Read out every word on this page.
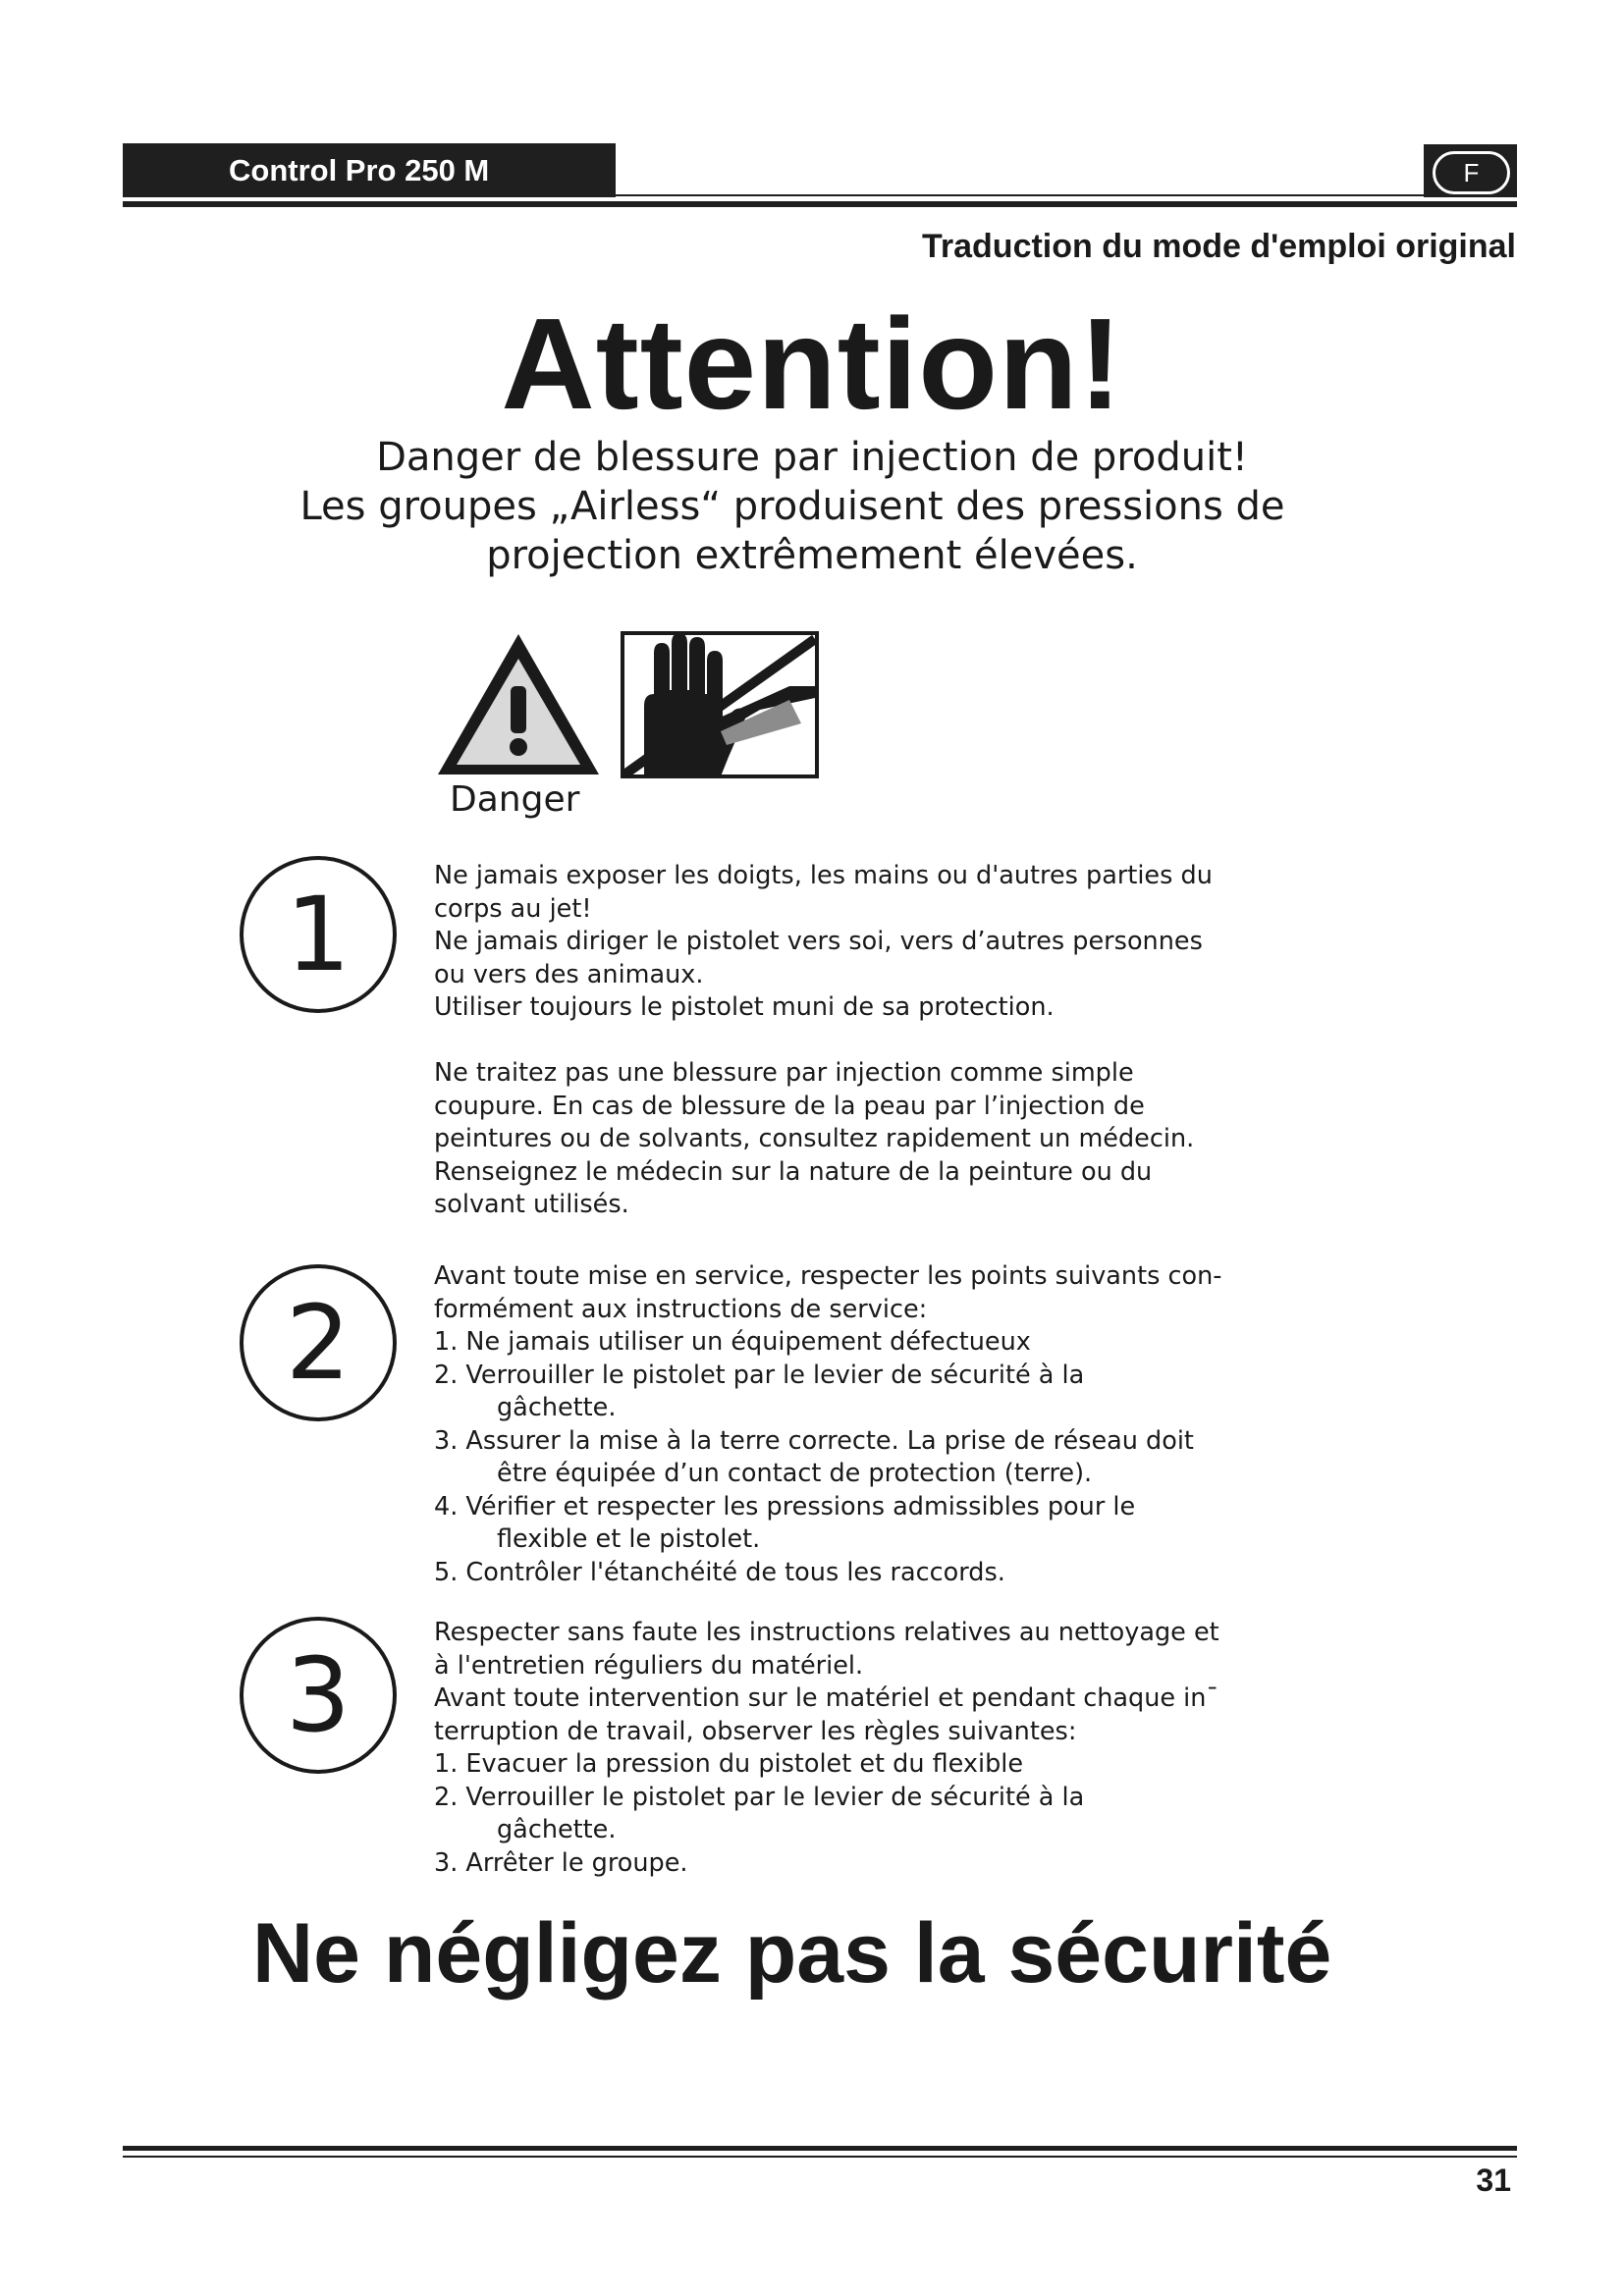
Control Pro 250 M	F
Traduction du mode d'emploi original
Attention!
Danger de blessure par injection de produit!
Les groupes „Airless“ produisent des pressions de
projection extrêmement élevées.
Danger
1	Ne jamais exposer les doigts, les mains ou d'autres parties du

corps au jet!

Ne jamais diriger le pistolet vers soi, vers d’autres personnes

ou vers des animaux.

Utiliser toujours le pistolet muni de sa protection.

Ne traitez pas une blessure par injection comme simple

coupure. En cas de blessure de la peau par l’injection de

peintures ou de solvants, consultez rapidement un médecin.

Renseignez le médecin sur la nature de la peinture ou du

solvant utilisés.

2

Avant toute mise en service, respecter les points suivants con-

formément aux instructions de service:

1. Ne jamais utiliser un équipement défectueux

2. Verrouiller le pistolet par le levier de sécurité à la

gâchette.

3. Assurer la mise à la terre correcte. La prise de réseau doit

être équipée d’un contact de protection (terre).

4. Vérifier et respecter les pressions admissibles pour le

flexible et le pistolet.

5. Contrôler l'étanchéité de tous les raccords.

3

Respecter sans faute les instructions relatives au nettoyage et

à l'entretien réguliers du matériel.

Avant toute intervention sur le matériel et pendant chaque in¯

terruption de travail, observer les règles suivantes:

1. Evacuer la pression du pistolet et du flexible

2. Verrouiller le pistolet par le levier de sécurité à la

gâchette.

3. Arrêter le groupe.

Ne négligez pas la sécurité
31
